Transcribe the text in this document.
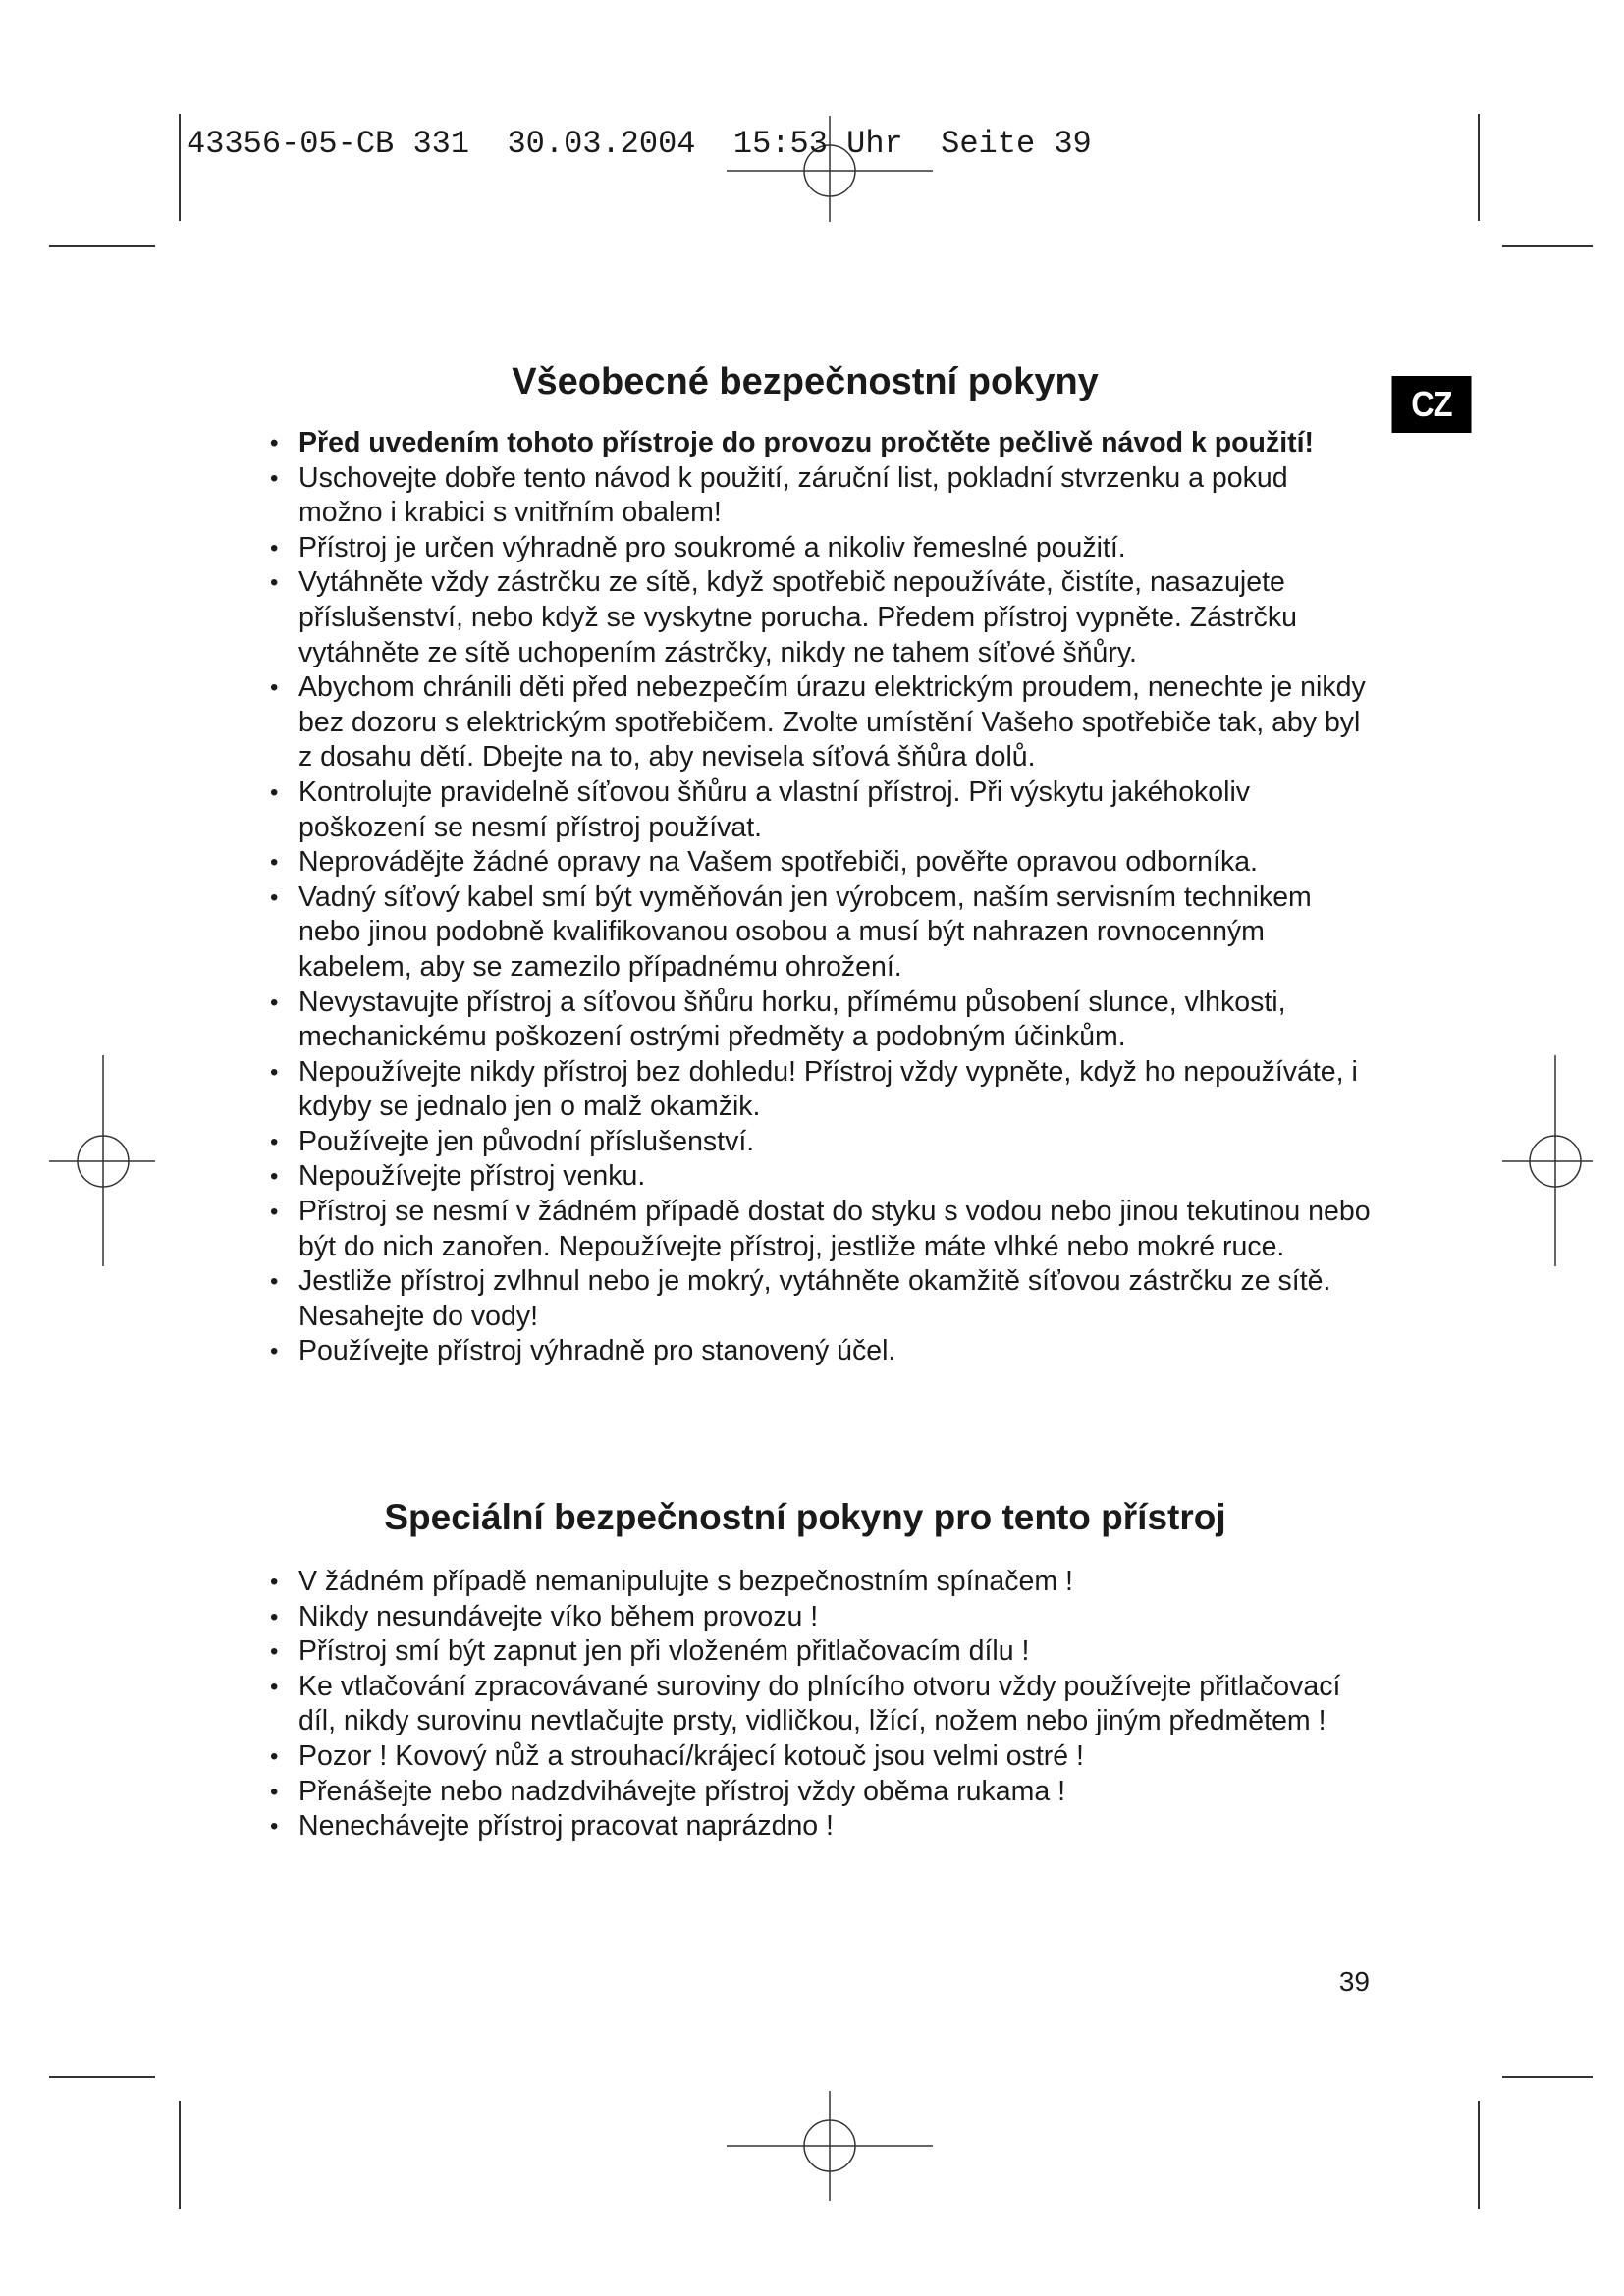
43356-05-CB 331  30.03.2004  15:53 Uhr  Seite 39

CZ
Všeobecné bezpečnostní pokyny
• Před uvedením tohoto přístroje do provozu pročtěte pečlivě návod k použití!
• Uschovejte dobře tento návod k použití, záruční list, pokladní stvrzenku a pokud možno i krabici s vnitřním obalem!
• Přístroj je určen výhradně pro soukromé a nikoliv řemeslné použití.
• Vytáhněte vždy zástrčku ze sítě, když spotřebič nepoužíváte, čistíte, nasazujete příslušenství, nebo když se vyskytne porucha. Předem přístroj vypněte. Zástrčku vytáhněte ze sítě uchopením zástrčky, nikdy ne tahem síťové šňůry.
• Abychom chránili děti před nebezpečím úrazu elektrickým proudem, nenechte je nikdy bez dozoru s elektrickým spotřebičem. Zvolte umístění Vašeho spotřebiče tak, aby byl z dosahu dětí. Dbejte na to, aby nevisela síťová šňůra dolů.
• Kontrolujte pravidelně síťovou šňůru a vlastní přístroj. Při výskytu jakéhokoliv poškození se nesmí přístroj používat.
• Neprovádějte žádné opravy na Vašem spotřebiči, pověřte opravou odborníka.
• Vadný síťový kabel smí být vyměňován jen výrobcem, naším servisním technikem nebo jinou podobně kvalifikovanou osobou a musí být nahrazen rovnocenným kabelem, aby se zamezilo případnému ohrožení.
• Nevystavujte přístroj a síťovou šňůru horku, přímému působení slunce, vlhkosti, mechanickému poškození ostrými předměty a podobným účinkům.
• Nepoužívejte nikdy přístroj bez dohledu! Přístroj vždy vypněte, když ho nepoužíváte, i kdyby se jednalo jen o malž okamžik.
• Používejte jen původní příslušenství.
• Nepoužívejte přístroj venku.
• Přístroj se nesmí v žádném případě dostat do styku s vodou nebo jinou tekutinou nebo být do nich zanořen. Nepoužívejte přístroj, jestliže máte vlhké nebo mokré ruce.
• Jestliže přístroj zvlhnul nebo je mokrý, vytáhněte okamžitě síťovou zástrčku ze sítě. Nesahejte do vody!
• Používejte přístroj výhradně pro stanovený účel.
Speciální bezpečnostní pokyny pro tento přístroj
• V žádném případě nemanipulujte s bezpečnostním spínačem !
• Nikdy nesundávejte víko během provozu !
• Přístroj smí být zapnut jen při vloženém přitlačovacím dílu !
• Ke vtlačování zpracovávané suroviny do plnícího otvoru vždy používejte přitlačovací díl, nikdy surovinu nevtlačujte prsty, vidličkou, lžící, nožem nebo jiným předmětem !
• Pozor ! Kovový nůž a strouhací/krájecí kotouč jsou velmi ostré !
• Přenášejte nebo nadzdvihávejte přístroj vždy oběma rukama !
• Nenechávejte přístroj pracovat naprázdno !

39
